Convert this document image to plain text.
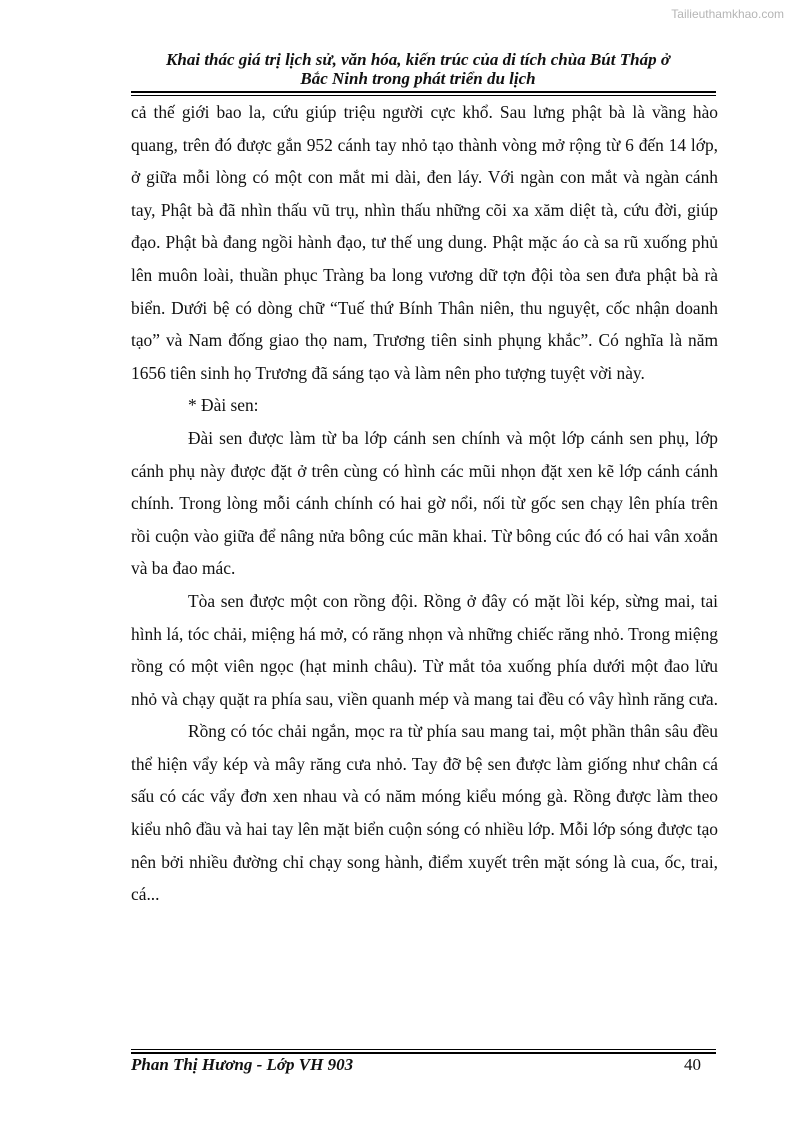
Tailieuthamkhao.com
Khai thác giá trị lịch sử, văn hóa, kiến trúc của di tích chùa Bút Tháp ở
Bắc Ninh trong phát triển du lịch

cả thế giới bao la, cứu giúp triệu người cực khổ. Sau lưng phật bà là vầng hào quang, trên đó được gắn 952 cánh tay nhỏ tạo thành vòng mở rộng từ 6 đến 14 lớp, ở giữa mỗi lòng có một con mắt mi dài, đen láy. Với ngàn con mắt và ngàn cánh tay, Phật bà đã nhìn thấu vũ trụ, nhìn thấu những cõi xa xăm diệt tà, cứu đời, giúp đạo. Phật bà đang ngồi hành đạo, tư thế ung dung. Phật mặc áo cà sa rũ xuống phủ lên muôn loài, thuần phục Tràng ba long vương dữ tợn đội tòa sen đưa phật bà rà biển. Dưới bệ có dòng chữ “Tuế thứ Bính Thân niên, thu nguyệt, cốc nhận doanh tạo” và Nam đống giao thọ nam, Trương tiên sinh phụng khắc”. Có nghĩa là năm 1656 tiên sinh họ Trương đã sáng tạo và làm nên pho tượng tuyệt vời này.

* Đài sen:

Đài sen được làm từ ba lớp cánh sen chính và một lớp cánh sen phụ, lớp cánh phụ này được đặt ở trên cùng có hình các mũi nhọn đặt xen kẽ lớp cánh cánh chính. Trong lòng mỗi cánh chính có hai gờ nổi, nối từ gốc sen chạy lên phía trên rồi cuộn vào giữa để nâng nửa bông cúc mãn khai. Từ bông cúc đó có hai vân xoắn và ba đao mác.

Tòa sen được một con rồng đội. Rồng ở đây có mặt lồi kép, sừng mai, tai hình lá, tóc chải, miệng há mở, có răng nhọn và những chiếc răng nhỏ. Trong miệng rồng có một viên ngọc (hạt minh châu). Từ mắt tỏa xuống phía dưới một đao lửu nhỏ và chạy quặt ra phía sau, viền quanh mép và mang tai đều có vây hình răng cưa.

Rồng có tóc chải ngắn, mọc ra từ phía sau mang tai, một phần thân sâu đều thể hiện vẩy kép và mây răng cưa nhỏ. Tay đỡ bệ sen được làm giống như chân cá sấu có các vẩy đơn xen nhau và có năm móng kiểu móng gà. Rồng được làm theo kiểu nhô đầu và hai tay lên mặt biển cuộn sóng có nhiều lớp. Mỗi lớp sóng được tạo nên bởi nhiều đường chỉ chạy song hành, điểm xuyết trên mặt sóng là cua, ốc, trai, cá...

Phan Thị Hương - Lớp VH 903	40
